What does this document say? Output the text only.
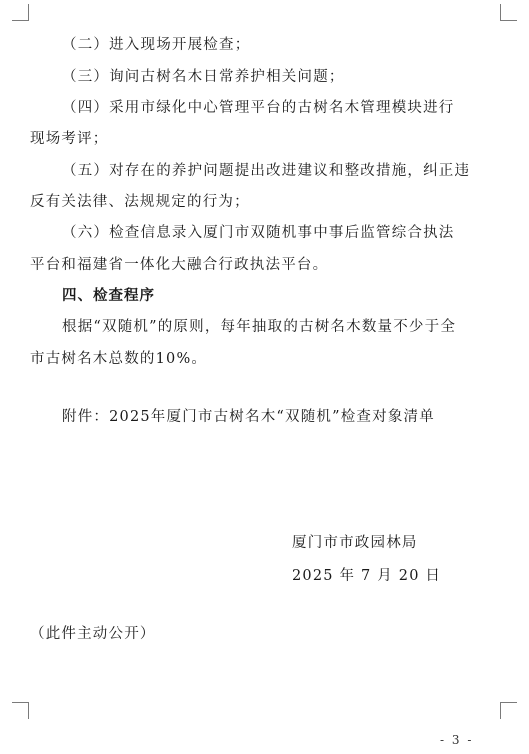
（二）进入现场开展检查；
（三）询问古树名木日常养护相关问题；
（四）采用市绿化中心管理平台的古树名木管理模块进行
现场考评；
（五）对存在的养护问题提出改进建议和整改措施，纠正违
反有关法律、法规规定的行为；
（六）检查信息录入厦门市双随机事中事后监管综合执法
平台和福建省一体化大融合行政执法平台。
四、检查程序
根据“双随机”的原则，每年抽取的古树名木数量不少于全
市古树名木总数的10%。
附件：2025年厦门市古树名木“双随机”检查对象清单
厦门市市政园林局
2025 年 7 月 20 日
（此件主动公开）
- 3 -
